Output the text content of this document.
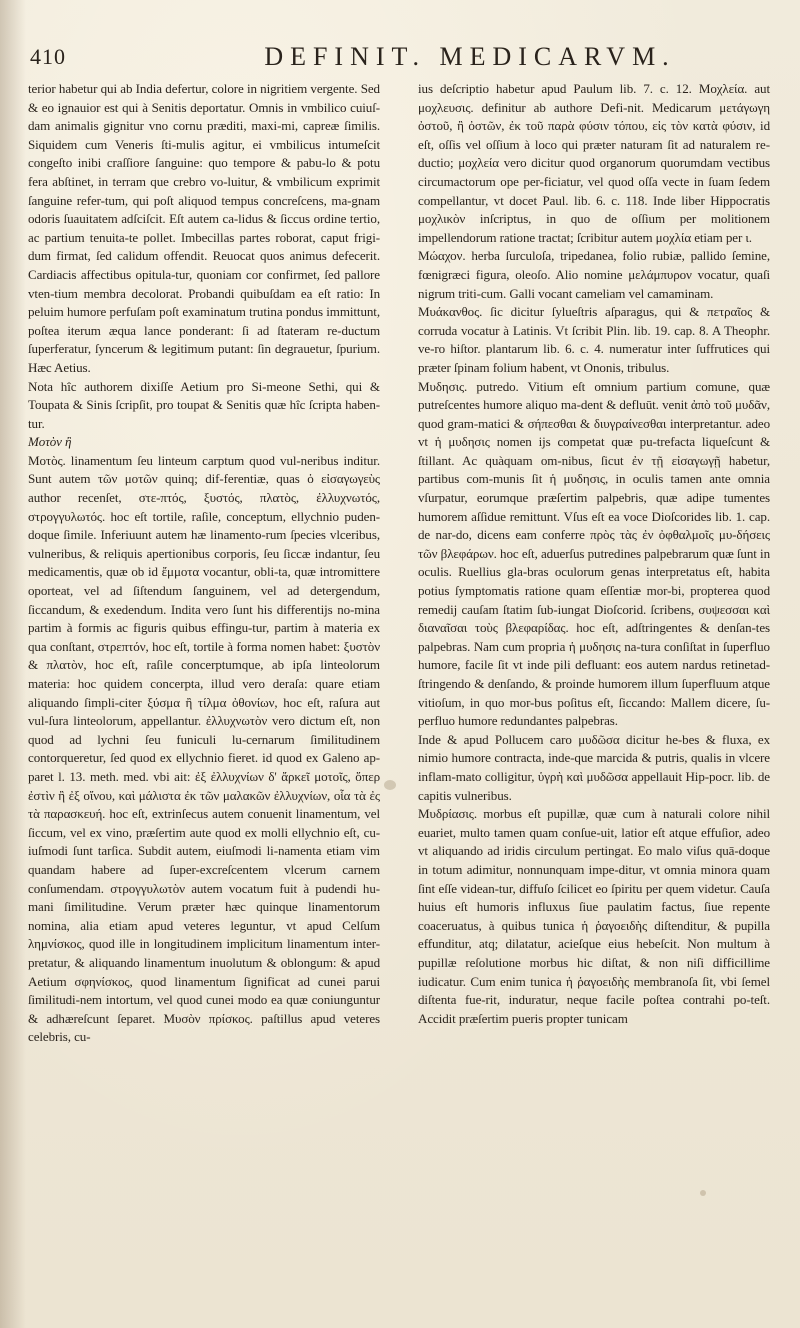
410	DEFINIT. MEDICARVM.

terior habetur qui ab India defertur, colore in nigritiem vergente. Sed & eo ignauior est qui à Senitis deportatur. Omnis in vmbilico cuiuſ-dam animalis gignitur vno cornu præditi, maxi-mi, capreæ ſimilis. Siquidem cum Veneris ſti-mulis agitur, ei vmbilicus intumeſcit congeſto inibi craſſiore ſanguine: quo tempore & pabu-lo & potu fera abſtinet, in terram que crebro vo-luitur, & vmbilicum exprimit ſanguine refer-tum, qui poſt aliquod tempus concreſcens, ma-gnam odoris ſuauitatem adſciſcit. Eſt autem ca-lidus & ſiccus ordine tertio, ac partium tenuita-te pollet. Imbecillas partes roborat, caput frigi-dum firmat, ſed calidum offendit. Reuocat quos animus defecerit. Cardiacis affectibus opitula-tur, quoniam cor confirmet, ſed pallore vten-tium membra decolorat. Probandi quibuſdam ea eſt ratio: In peluim humore perfuſam poſt examinatum trutina pondus immittunt, poſtea iterum æqua lance ponderant: ſi ad ſtateram re-ductum ſuperferatur, ſyncerum & legitimum putant: ſin degrauetur, ſpurium. Hæc Aetius.

Nota hîc authorem dixiſſe Aetium pro Si-meone Sethi, qui & Toupata & Sinis ſcripſit, pro toupat & Senitis quæ hîc ſcripta haben-tur.

Μοτὸν ἢ

Μοτὸς. linamentum ſeu linteum carptum quod vul-neribus inditur. Sunt autem τῶν μοτῶν quinq; dif-ferentiæ, quas ὁ εἰσαγωγεὺς author recenſet, στε-πτός, ξυστός, πλατὸς, ἐλλυχνωτός, στρογγυλωτός. hoc eſt tortile, raſile, conceptum, ellychnio puden-doque ſimile. Inferiuunt autem hæ linamento-rum ſpecies vlceribus, vulneribus, & reliquis apertionibus corporis, ſeu ſiccæ indantur, ſeu medicamentis, quæ ob id ἔμμοτα vocantur, obli-ta, quæ intromittere oporteat, vel ad ſiſtendum ſanguinem, vel ad detergendum, ſiccandum, & exedendum. Indita vero ſunt his differentijs no-mina partim à formis ac figuris quibus effingu-tur, partim à materia ex qua conſtant, στρεπτόν, hoc eſt, tortile à forma nomen habet: ξυστὸν & πλατὸν, hoc eſt, raſile concerptumque, ab ipſa linteolorum materia: hoc quidem concerpta, illud vero deraſa: quare etiam aliquando ſimpli-citer ξύσμα ἢ τίλμα ὀθονίων, hoc eſt, raſura aut vul-ſura linteolorum, appellantur. ἐλλυχνωτὸν vero dictum eſt, non quod ad lychni ſeu funiculi lu-cernarum ſimilitudinem contorqueretur, ſed quod ex ellychnio fieret. id quod ex Galeno ap-paret l. 13. meth. med. vbi ait: ἐξ ἐλλυχνίων δ' ἄρκεῖ μοτοῖς, ὅπερ ἐστὶν ἢ ἐξ οἴνου, καὶ μάλιστα ἐκ τῶν μαλακῶν ἐλλυχνίων, οἷα τὰ ἐς τὰ παρασκευή. hoc eſt, extrinſecus autem conuenit linamentum, vel ſiccum, vel ex vino, præſertim aute quod ex molli ellychnio eſt, cu-iuſmodi ſunt tarſica. Subdit autem, eiuſmodi li-namenta etiam vim quandam habere ad ſuper-excreſcentem vlcerum carnem conſumendam. στρογγυλωτὸν autem vocatum fuit à pudendi hu-mani ſimilitudine. Verum præter hæc quinque linamentorum nomina, alia etiam apud veteres leguntur, vt apud Celſum λημνίσκος, quod ille in longitudinem implicitum linamentum inter-pretatur, & aliquando linamentum inuolutum & oblongum: & apud Aetium σφηνίσκος, quod linamentum ſignificat ad cunei parui ſimilitudi-nem intortum, vel quod cunei modo ea quæ coniunguntur & adhæreſcunt ſeparet. Μυσὸν πρίσκος. paſtillus apud veteres celebris, cu-

ius deſcriptio habetur apud Paulum lib. 7. c. 12. Μοχλεία. aut μοχλευσις. definitur ab authore Defi-nit. Medicarum μετάγωγη ὀστοῦ, ἢ ὀστῶν, ἐκ τοῦ παρὰ φύσιν τόπου, εἰς τὸν κατὰ φύσιν, id eſt, oſſis vel oſſium à loco qui præter naturam ſit ad naturalem re-ductio; μοχλεία vero dicitur quod organorum quorumdam vectibus circumactorum ope per-ficiatur, vel quod oſſa vecte in ſuam ſedem compellantur, vt docet Paul. lib. 6. c. 118. Inde liber Hippocratis μοχλικὸν inſcriptus, in quo de oſſium per molitionem impellendorum ratione tractat; ſcribitur autem μοχλία etiam per ι.

Μώαχον. herba ſurculoſa, tripedanea, folio rubiæ, pallido ſemine, fœnigræci figura, oleoſo. Alio nomine μελάμπυρον vocatur, quaſi nigrum triti-cum. Galli vocant cameliam vel camaminam.

Μυάκανθος. ſic dicitur ſylueſtris aſparagus, qui & πετραῖος & corruda vocatur à Latinis. Vt ſcribit Plin. lib. 19. cap. 8. A Theophr. ve-ro hiſtor. plantarum lib. 6. c. 4. numeratur inter ſuffrutices qui præter ſpinam folium habent, vt Ononis, tribulus.

Μυδησις. putredo. Vitium eſt omnium partium comune, quæ putreſcentes humore aliquo ma-dent & defluūt. venit ἀπὸ τοῦ μυδᾶν, quod gram-matici & σήπεσθαι & διυγραίνεσθαι interpretantur. adeo vt ἡ μυδησις nomen ijs competat quæ pu-trefacta liqueſcunt & ſtillant. Ac quàquam om-nibus, ſicut ἐν τῇ εἰσαγωγῇ habetur, partibus com-munis ſit ἡ μυδησις, in oculis tamen ante omnia vſurpatur, eorumque præſertim palpebris, quæ adipe tumentes humorem aſſidue remittunt. Vſus eſt ea voce Dioſcorides lib. 1. cap. de nar-do, dicens eam conferre πρὸς τὰς ἐν ὀφθαλμοῖς μυ-δήσεις τῶν βλεφάρων. hoc eſt, aduerſus putredines palpebrarum quæ ſunt in oculis. Ruellius gla-bras oculorum genas interpretatus eſt, habita potius ſymptomatis ratione quam eſſentiæ mor-bi, propterea quod remedij cauſam ſtatim ſub-iungat Dioſcorid. ſcribens, συψεσσαι καὶ διαναῖσαι τοὺς βλεφαρίδας. hoc eſt, adſtringentes & denſan-tes palpebras. Nam cum propria ἡ μυδησις na-tura conſiſtat in ſuperfluo humore, facile ſit vt inde pili defluant: eos autem nardus retinetad-ſtringendo & denſando, & proinde humorem illum ſuperfluum atque vitioſum, in quo mor-bus poſitus eſt, ſiccando: Mallem dicere, ſu-perfluo humore redundantes palpebras.

Inde & apud Pollucem caro μυδῶσα dicitur he-bes & fluxa, ex nimio humore contracta, inde-que marcida & putris, qualis in vlcere inflam-mato colligitur, ὑγρὴ καὶ μυδῶσα appellauit Hip-pocr. lib. de capitis vulneribus.

Μυδρίασις. morbus eſt pupillæ, quæ cum à naturali colore nihil euariet, multo tamen quam conſue-uit, latior eſt atque effuſior, adeo vt aliquando ad iridis circulum pertingat. Eo malo viſus quā-doque in totum adimitur, nonnunquam impe-ditur, vt omnia minora quam ſint eſſe videan-tur, diffuſo ſcilicet eo ſpiritu per quem videtur. Cauſa huius eſt humoris influxus ſiue paulatim factus, ſiue repente coaceruatus, à quibus tunica ἡ ῥαγοειδὴς diſtenditur, & pupilla effunditur, atq; dilatatur, acieſque eius hebeſcit. Non multum à pupillæ reſolutione morbus hic diſtat, & non niſi difficillime iudicatur. Cum enim tunica ἡ ῥαγοειδὴς membranoſa ſit, vbi ſemel diſtenta fue-rit, induratur, neque facile poſtea contrahi po-teſt. Accidit præſertim pueris propter tunicam
